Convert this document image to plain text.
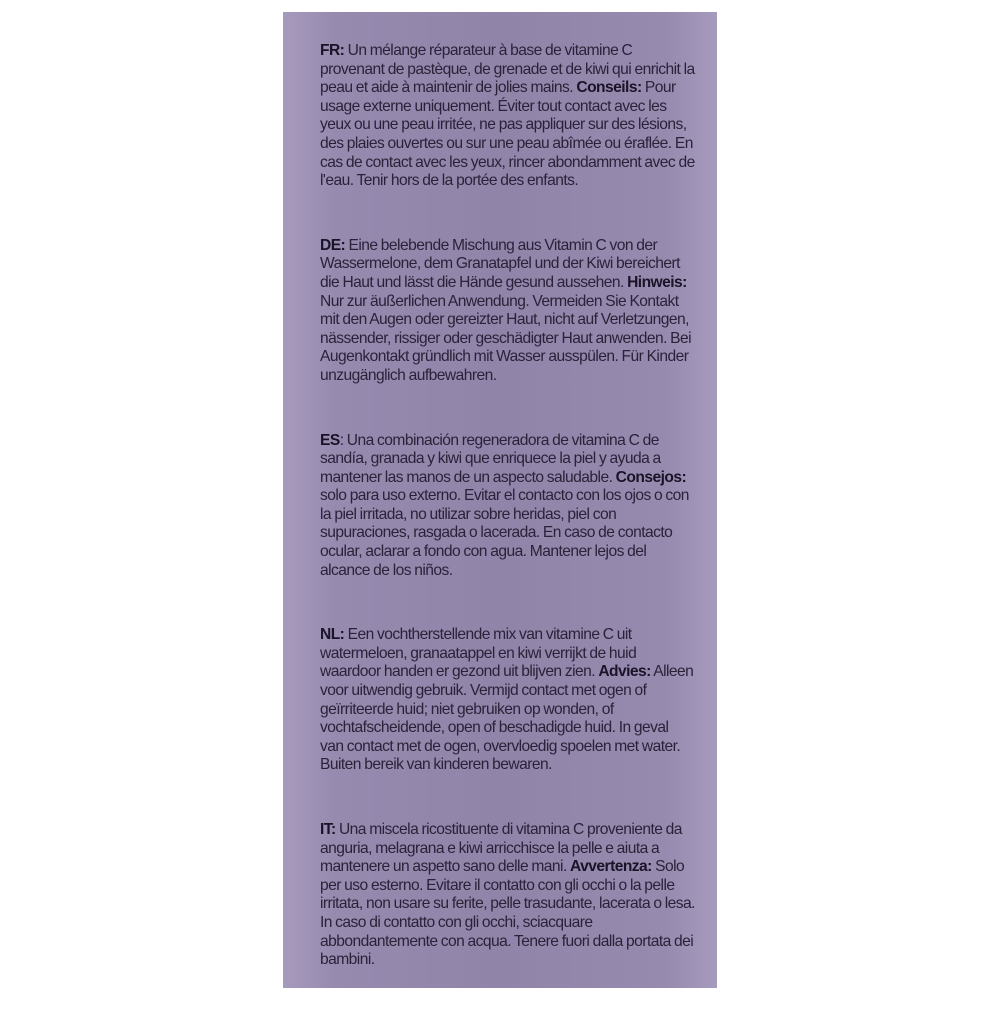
FR: Un mélange réparateur à base de vitamine C provenant de pastèque, de grenade et de kiwi qui enrichit la peau et aide à maintenir de jolies mains. Conseils: Pour usage externe uniquement. Éviter tout contact avec les yeux ou une peau irritée, ne pas appliquer sur des lésions, des plaies ouvertes ou sur une peau abîmée ou éraflée. En cas de contact avec les yeux, rincer abondamment avec de l'eau. Tenir hors de la portée des enfants.

DE: Eine belebende Mischung aus Vitamin C von der Wassermelone, dem Granatapfel und der Kiwi bereichert die Haut und lässt die Hände gesund aussehen. Hinweis: Nur zur äußerlichen Anwendung. Vermeiden Sie Kontakt mit den Augen oder gereizter Haut, nicht auf Verletzungen, nässender, rissiger oder geschädigter Haut anwenden. Bei Augenkontakt gründlich mit Wasser ausspülen. Für Kinder unzugänglich aufbewahren.

ES: Una combinación regeneradora de vitamina C de sandía, granada y kiwi que enriquece la piel y ayuda a mantener las manos de un aspecto saludable. Consejos: solo para uso externo. Evitar el contacto con los ojos o con la piel irritada, no utilizar sobre heridas, piel con supuraciones, rasgada o lacerada. En caso de contacto ocular, aclarar a fondo con agua. Mantener lejos del alcance de los niños.

NL: Een vochtherstellende mix van vitamine C uit watermeloen, granaatappel en kiwi verrijkt de huid waardoor handen er gezond uit blijven zien. Advies: Alleen voor uitwendig gebruik. Vermijd contact met ogen of geïrriteerde huid; niet gebruiken op wonden, of vochtafscheidende, open of beschadigde huid. In geval van contact met de ogen, overvloedig spoelen met water. Buiten bereik van kinderen bewaren.

IT: Una miscela ricostituente di vitamina C proveniente da anguria, melagrana e kiwi arricchisce la pelle e aiuta a mantenere un aspetto sano delle mani. Avvertenza: Solo per uso esterno. Evitare il contatto con gli occhi o la pelle irritata, non usare su ferite, pelle trasudante, lacerata o lesa. In caso di contatto con gli occhi, sciacquare abbondantemente con acqua. Tenere fuori dalla portata dei bambini.
